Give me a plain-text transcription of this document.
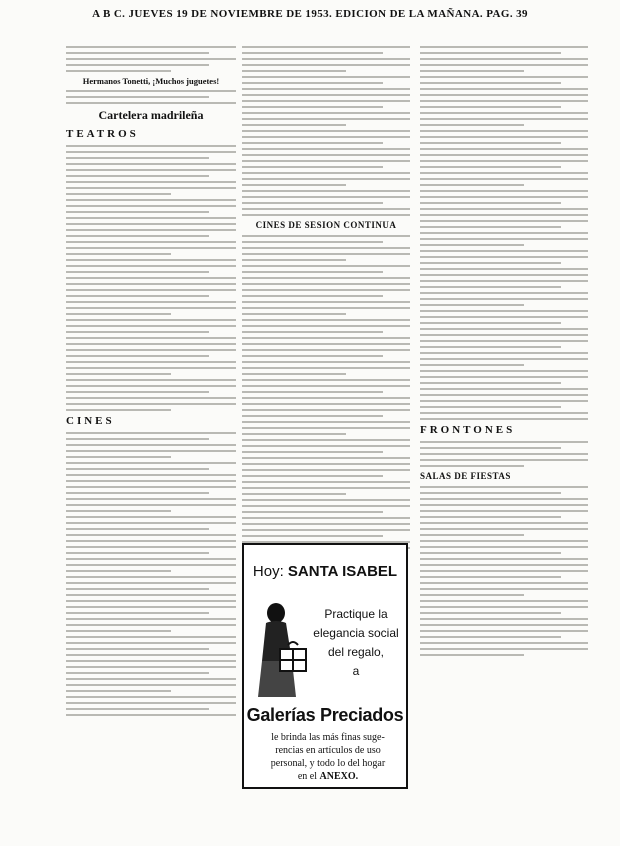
A B C. JUEVES 19 DE NOVIEMBRE DE 1953. EDICION DE LA MAÑANA. PAG. 39
Hermanos Tonetti, ¡Muchos juguetes!
Cartelera madrileña
TEATROS
CINES
CINES DE SESION CONTINUA
Hoy: SANTA ISABEL
Practique la
elegancia social
del regalo,
a
Galerías Preciados
le brinda las más finas suge-
rencias en artículos de uso
personal, y todo lo del hogar
en el ANEXO.
FRONTONES
SALAS DE FIESTAS
